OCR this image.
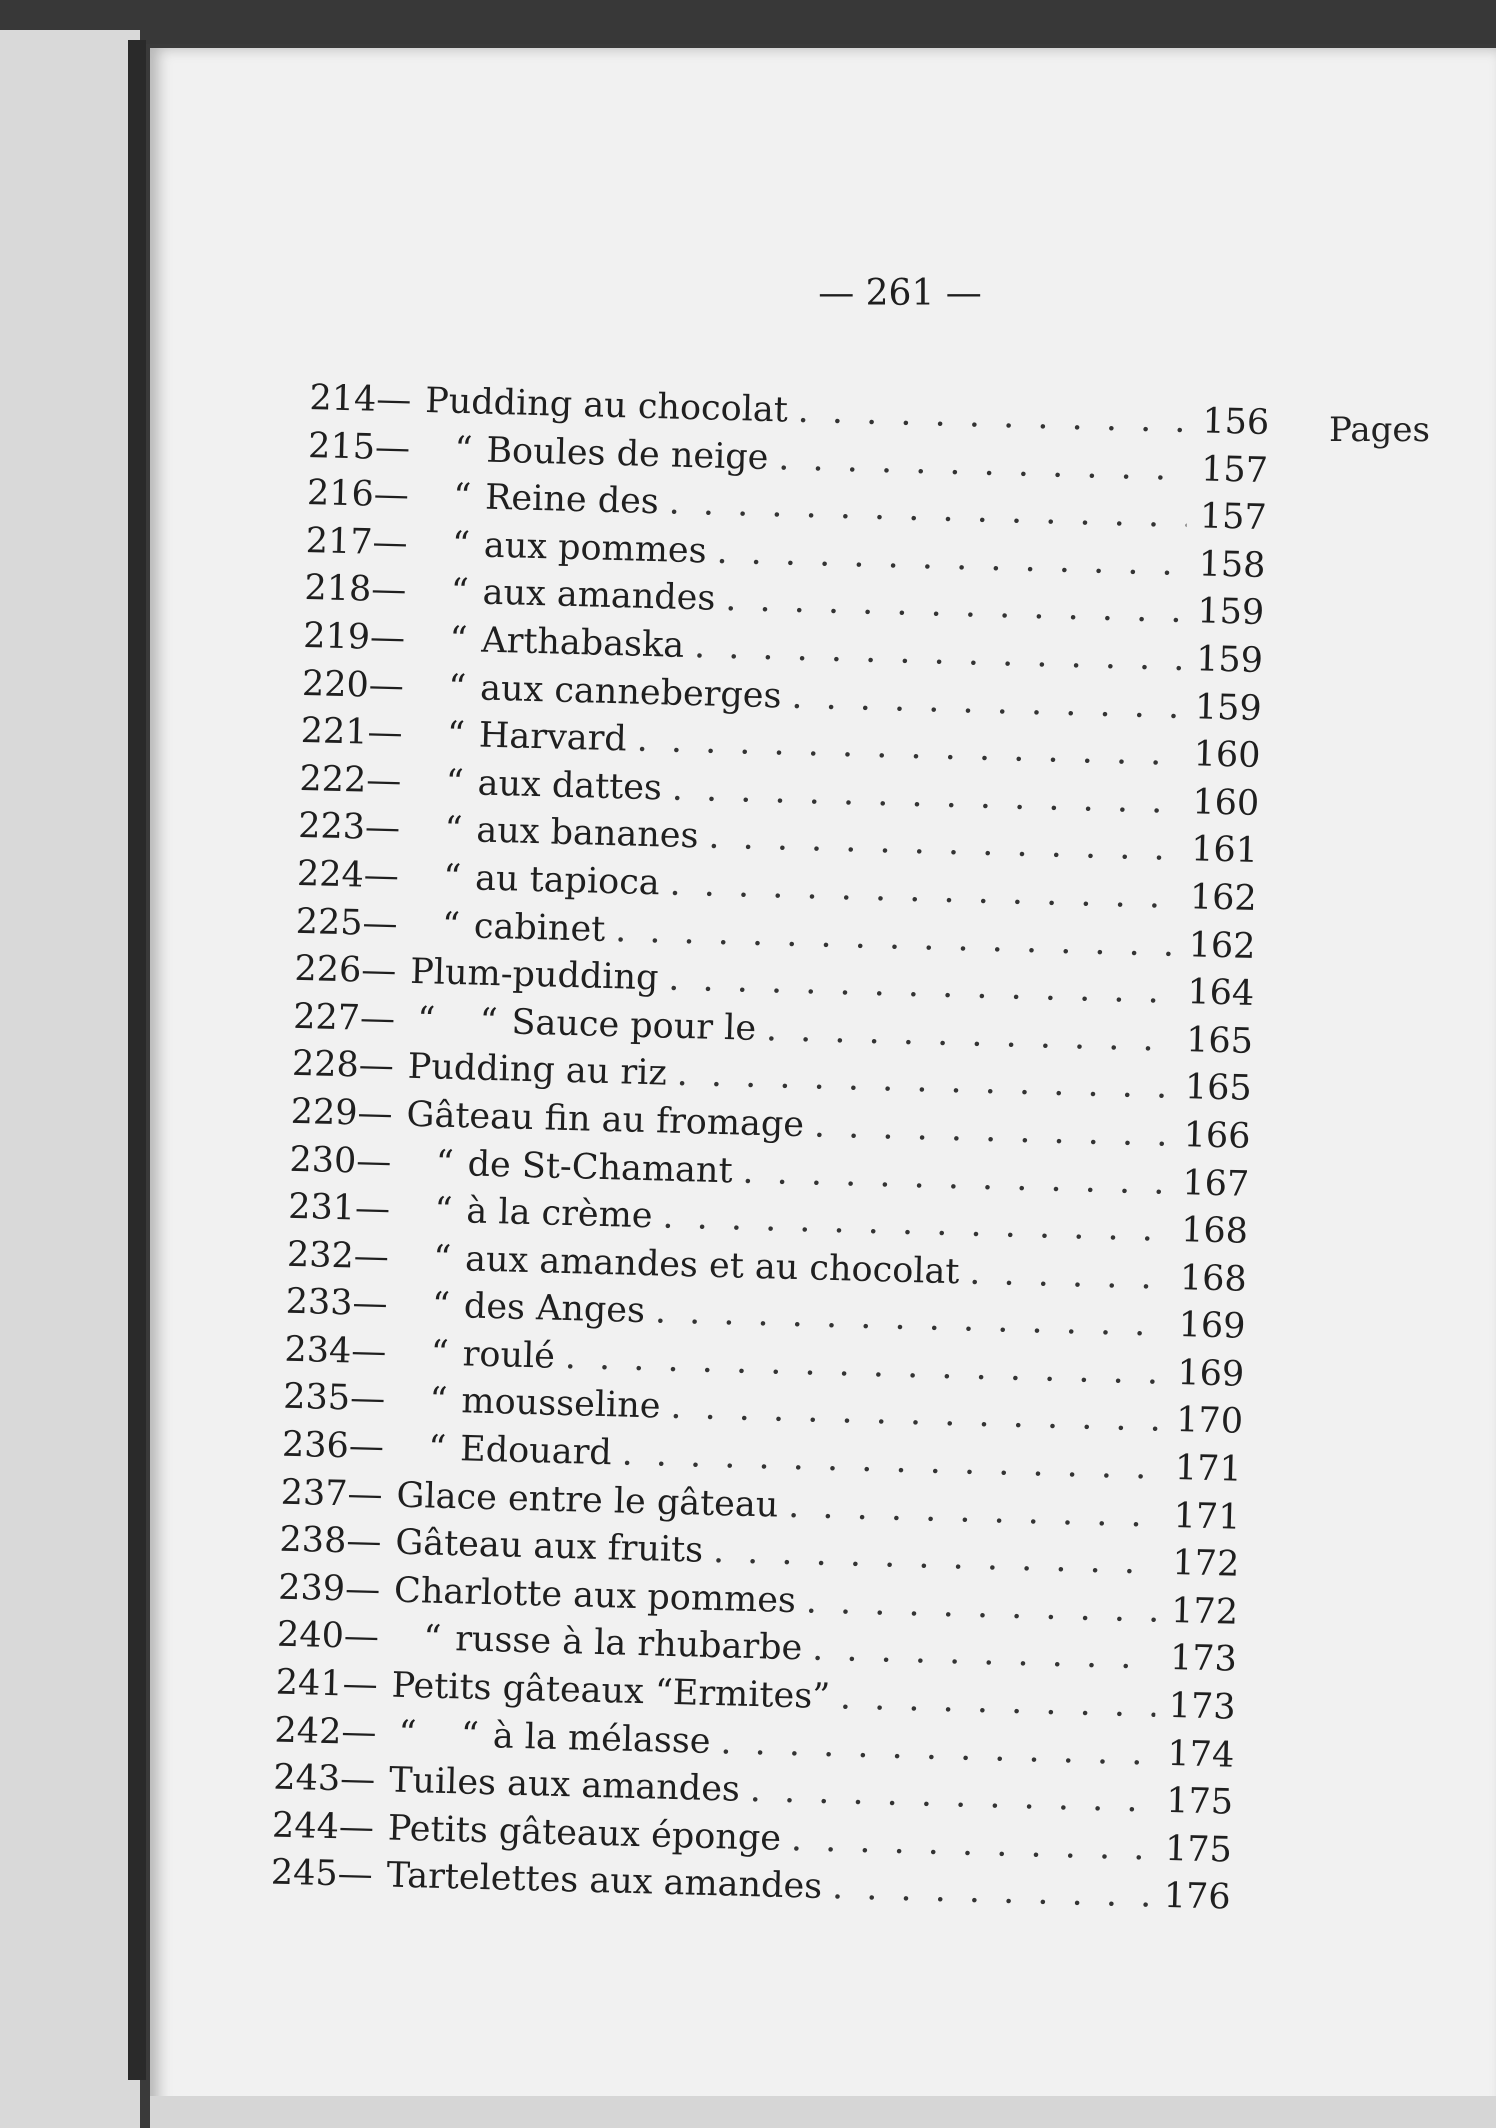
— 261 —
Pages
214— Pudding au chocolat . . .	156
215—    “ Boules de neige . . .	157
216—    “ Reine des . . .	157
217—    “ aux pommes . . .	158
218—    “ aux amandes . . .	159
219—    “ Arthabaska . . .	159
220—    “ aux canneberges . . .	159
221—    “ Harvard . . .	160
222—    “ aux dattes . . .	160
223—    “ aux bananes . . .	161
224—    “ au tapioca . . .	162
225—    “ cabinet . . .	162
226— Plum-pudding . . .	164
227—  “    “ Sauce pour le . . .	165
228— Pudding au riz . . .	165
229— Gâteau fin au fromage . . .	166
230—    “ de St-Chamant . . .	167
231—    “ à la crème . . .	168
232—    “ aux amandes et au chocolat . . .	168
233—    “ des Anges . . .	169
234—    “ roulé . . .	169
235—    “ mousseline . . .	170
236—    “ Edouard . . .	171
237— Glace entre le gâteau . . .	171
238— Gâteau aux fruits . . .	172
239— Charlotte aux pommes . . .	172
240—    “ russe à la rhubarbe . . .	173
241— Petits gâteaux “Ermites” . . .	173
242—  “    “ à la mélasse . . .	174
243— Tuiles aux amandes . . .	175
244— Petits gâteaux éponge . . .	175
245— Tartelettes aux amandes . . .	176
